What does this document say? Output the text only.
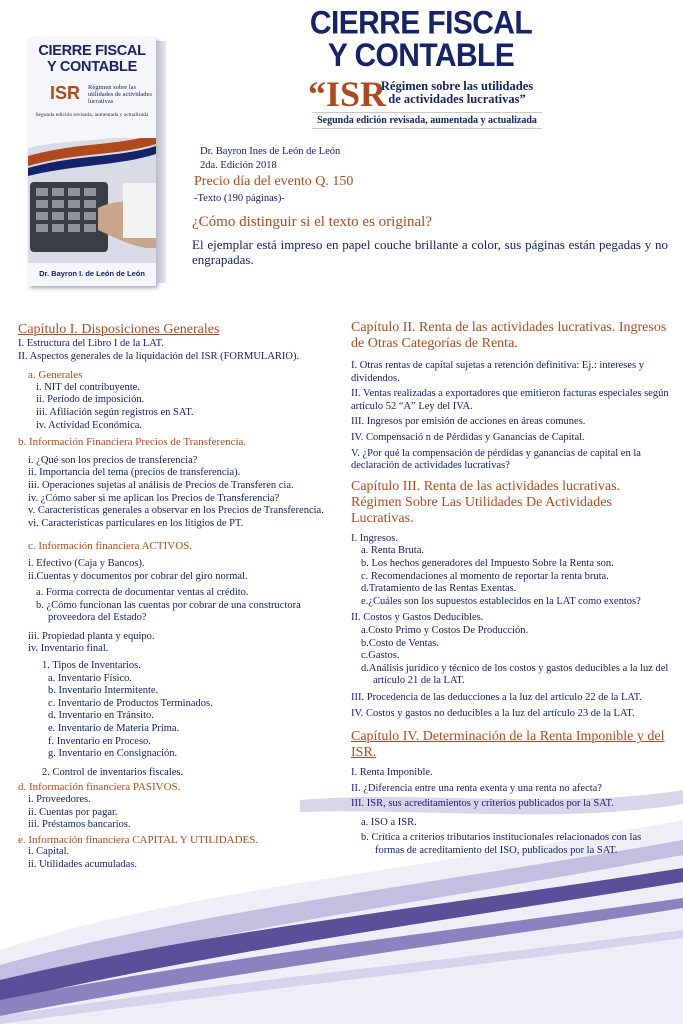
CIERRE FISCAL
Y CONTABLE
ISR Régimen sobre las utilidades de actividades lucrativas
Segunda edición revisada, aumentada y actualizada
Dr. Bayron I. de León de León
CIERRE FISCAL
Y CONTABLE
“ISR
Régimen sobre las utilidades
de actividades lucrativas”
Segunda edición revisada, aumentada y actualizada
Dr. Bayron Ines de León de León
2da. Edición 2018
Precio día del evento Q. 150
-Texto (190 páginas)-
¿Cómo distinguir si el texto es original?
El ejemplar está impreso en papel couche brillante a color, sus páginas están pegadas y no engrapadas.

Capítulo I. Disposiciones Generales

I. Estructura del Libro I de la LAT.

II. Aspectos generales de la liquidación del ISR (FORMULARIO).

a. Generales

i. NIT del contribuyente.

ii. Período de imposición.

iii. Afiliación según registros en SAT.

iv. Actividad Económica.

b. Información Financiera Precios de Transferencia.

i. ¿Qué son los precios de transferencia?

ii. Importancia del tema (precios de transferencia).

iii. Operaciones sujetas al análisis de Precios de Transferen cia.

iv. ¿Cómo saber si me aplican los Precios de Transferencia?

v. Características generales a observar en los Precios de Transferencia.

vi. Características particulares en los litigios de PT.

c. Información financiera ACTIVOS.

i. Efectivo (Caja y Bancos).

ii.Cuentas y documentos por cobrar del giro normal.

a. Forma correcta de documentar ventas al crédito.

b. ¿Cómo funcionan las cuentas por cobrar de una constructora proveedora del Estado?

iii. Propiedad planta y equipo.

iv. Inventario final.

1. Tipos de Inventarios.

a. Inventario Físico.

b. Inventario Intermitente.

c. Inventario de Productos Terminados.

d. Inventario en Tránsito.

e. Inventario de Materia Prima.

f. Inventario en Proceso.

g. Inventario en Consignación.

2. Control de inventarios fiscales.

d. Información financiera PASIVOS.

i. Proveedores.

ii. Cuentas por pagar.

iii. Préstamos bancarios.

e. Información financiera CAPITAL Y UTILIDADES.

i. Capital.

ii. Utilidades acumuladas.

Capítulo II. Renta de las actividades lucrativas. Ingresos de Otras Categorías de Renta.

I. Otras rentas de capital sujetas a retención definitiva: Ej.: intereses y dividendos.

II. Ventas realizadas a exportadores que emitieron facturas especiales según artículo 52 “A” Ley del IVA.

III. Ingresos por emisión de acciones en áreas comunes.

IV. Compensació n de Pérdidas y Ganancias de Capital.

V. ¿Por qué la compensación de pérdidas y ganancias de capital en la declaración de actividades lucrativas?

Capítulo III. Renta de las actividades lucrativas. Régimen Sobre Las Utilidades De Actividades Lucrativas.

I. Ingresos.

a. Renta Bruta.

b. Los hechos generadores del Impuesto Sobre la Renta son.

c. Recomendaciones al momento de reportar la renta bruta.

d.Tratamiento de las Rentas Exentas.

e.¿Cuáles son los supuestos establecidos en la LAT como exentos?

II. Costos y Gastos Deducibles.

a.Costo Primo y Costos De Producción.

b.Costo de Ventas.

c.Gastos.

d.Análisis jurídico y técnico de los costos y gastos deducibles a la luz del artículo 21 de la LAT.

III. Procedencia de las deducciones a la luz del artículo 22 de la LAT.

IV. Costos y gastos no deducibles a la luz del artículo 23 de la LAT.

Capítulo IV. Determinación de la Renta Imponible y del ISR.

I. Renta Imponible.

II. ¿Diferencia entre una renta exenta y una renta no afecta?

III. ISR, sus acreditamientos y criterios publicados por la SAT.

a. ISO a ISR.

b. Crítica a criterios tributarios institucionales relacionados con las formas de acreditamiento del ISO, publicados por la SAT.
